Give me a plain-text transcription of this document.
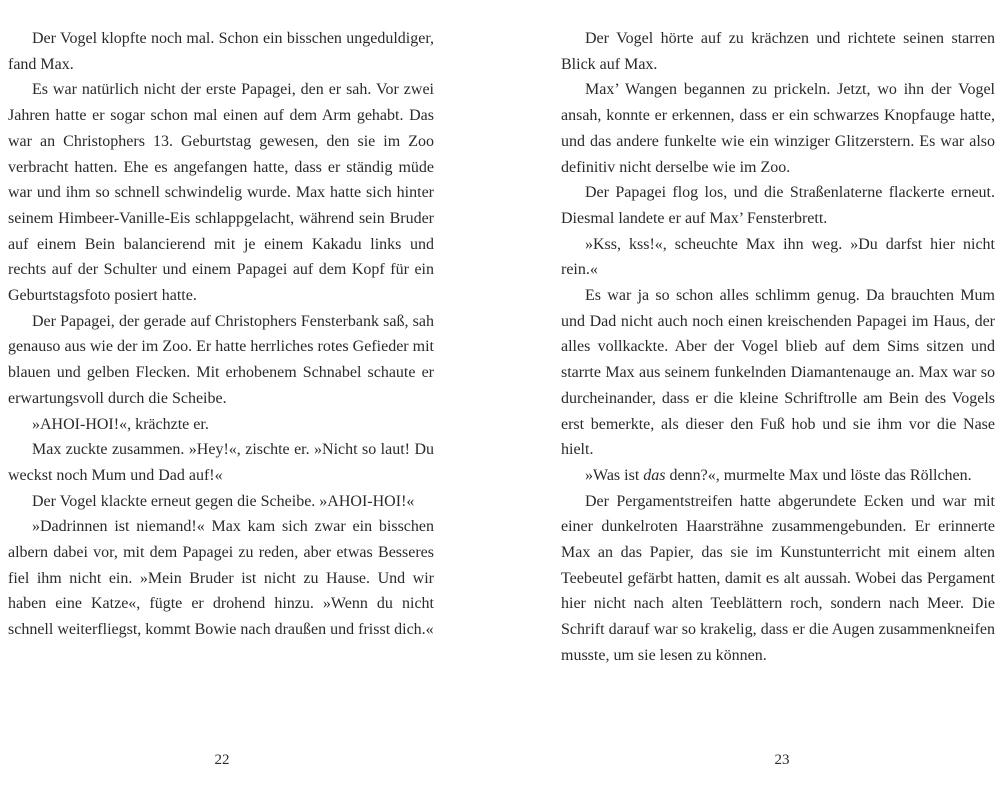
Der Vogel klopfte noch mal. Schon ein bisschen ungeduldiger, fand Max.

Es war natürlich nicht der erste Papagei, den er sah. Vor zwei Jahren hatte er sogar schon mal einen auf dem Arm gehabt. Das war an Christophers 13. Geburtstag gewesen, den sie im Zoo verbracht hatten. Ehe es angefangen hatte, dass er ständig müde war und ihm so schnell schwindelig wurde. Max hatte sich hinter seinem Himbeer-Vanille-Eis schlappgelacht, während sein Bruder auf einem Bein balancierend mit je einem Kakadu links und rechts auf der Schulter und einem Papagei auf dem Kopf für ein Geburtstagsfoto posiert hatte.

Der Papagei, der gerade auf Christophers Fensterbank saß, sah genauso aus wie der im Zoo. Er hatte herrliches rotes Gefieder mit blauen und gelben Flecken. Mit erhobenem Schnabel schaute er erwartungsvoll durch die Scheibe.

»AHOI-HOI!«, krächzte er.

Max zuckte zusammen. »Hey!«, zischte er. »Nicht so laut! Du weckst noch Mum und Dad auf!«

Der Vogel klackte erneut gegen die Scheibe. »AHOI-HOI!«

»Dadrinnen ist niemand!« Max kam sich zwar ein bisschen albern dabei vor, mit dem Papagei zu reden, aber etwas Besseres fiel ihm nicht ein. »Mein Bruder ist nicht zu Hause. Und wir haben eine Katze«, fügte er drohend hinzu. »Wenn du nicht schnell weiterfliegst, kommt Bowie nach draußen und frisst dich.«

22

Der Vogel hörte auf zu krächzen und richtete seinen starren Blick auf Max.

Max’ Wangen begannen zu prickeln. Jetzt, wo ihn der Vogel ansah, konnte er erkennen, dass er ein schwarzes Knopfauge hatte, und das andere funkelte wie ein winziger Glitzerstern. Es war also definitiv nicht derselbe wie im Zoo.

Der Papagei flog los, und die Straßenlaterne flackerte erneut. Diesmal landete er auf Max’ Fensterbrett.

»Kss, kss!«, scheuchte Max ihn weg. »Du darfst hier nicht rein.«

Es war ja so schon alles schlimm genug. Da brauchten Mum und Dad nicht auch noch einen kreischenden Papagei im Haus, der alles vollkackte. Aber der Vogel blieb auf dem Sims sitzen und starrte Max aus seinem funkelnden Diamantenauge an. Max war so durcheinander, dass er die kleine Schriftrolle am Bein des Vogels erst bemerkte, als dieser den Fuß hob und sie ihm vor die Nase hielt.

»Was ist das denn?«, murmelte Max und löste das Röllchen.

Der Pergamentstreifen hatte abgerundete Ecken und war mit einer dunkelroten Haarsträhne zusammengebunden. Er erinnerte Max an das Papier, das sie im Kunstunterricht mit einem alten Teebeutel gefärbt hatten, damit es alt aussah. Wobei das Pergament hier nicht nach alten Teeblättern roch, sondern nach Meer. Die Schrift darauf war so krakelig, dass er die Augen zusammenkneifen musste, um sie lesen zu können.

23
